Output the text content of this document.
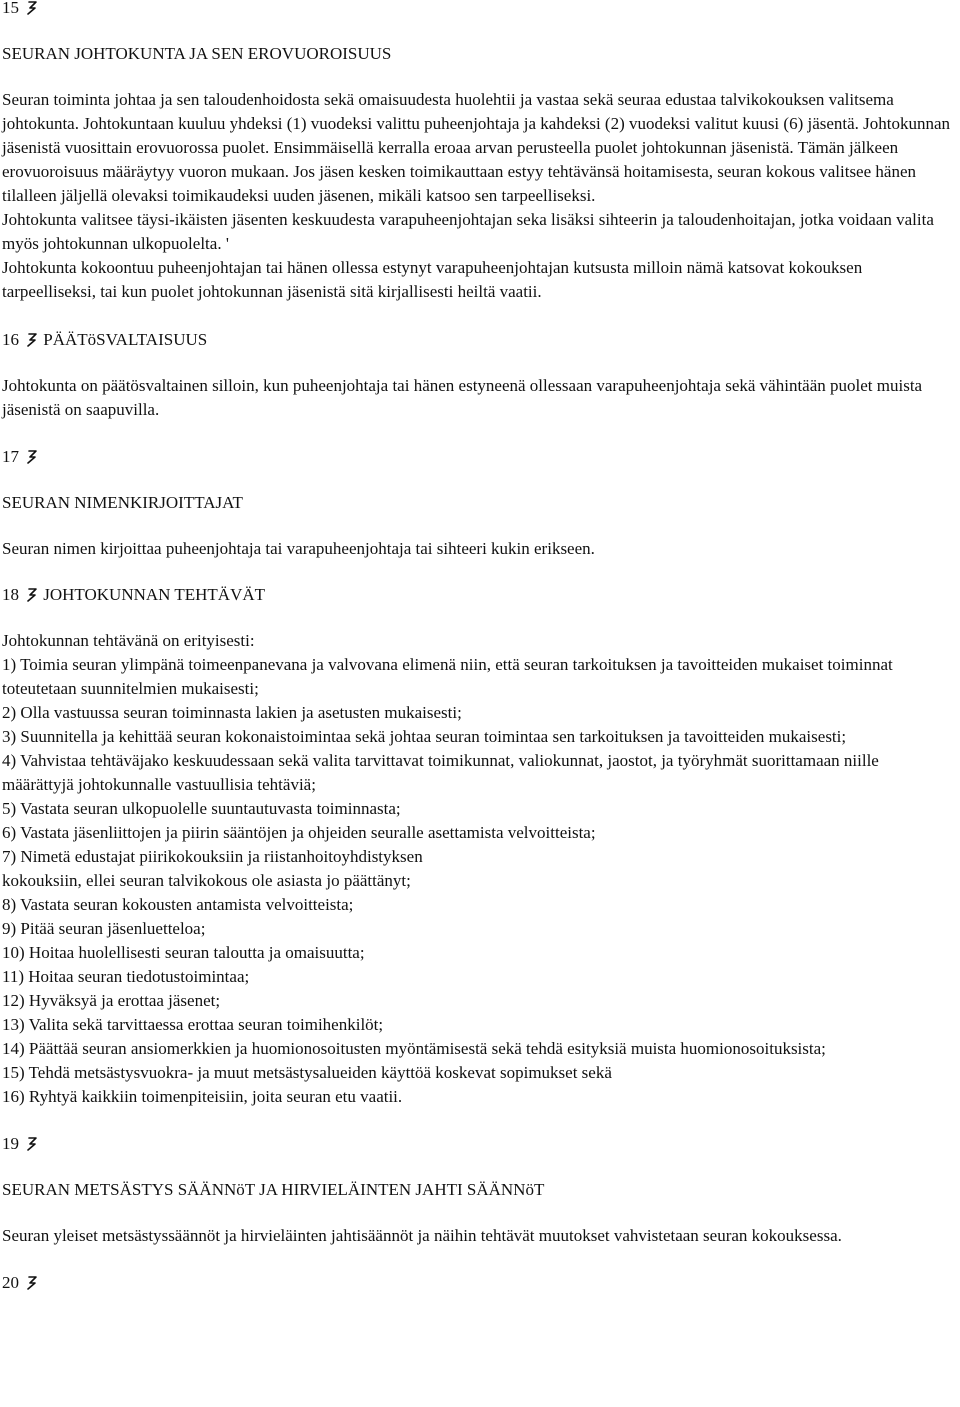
15

SEURAN JOHTOKUNTA JA SEN EROVUOROISUUS

Seuran toiminta johtaa ja sen taloudenhoidosta sekä omaisuudesta huolehtii ja vastaa sekä seuraa edustaa talvikokouksen valitsema johtokunta. Johtokuntaan kuuluu yhdeksi (1) vuodeksi valittu puheenjohtaja ja kahdeksi (2) vuodeksi valitut kuusi (6) jäsentä. Johtokunnan jäsenistä vuosittain erovuorossa puolet. Ensimmäisellä kerralla eroaa arvan perusteella puolet johtokunnan jäsenistä. Tämän jälkeen erovuoroisuus määräytyy vuoron mukaan. Jos jäsen kesken toimikauttaan estyy tehtävänsä hoitamisesta, seuran kokous valitsee hänen tilalleen jäljellä olevaksi toimikaudeksi uuden jäsenen, mikäli katsoo sen tarpeelliseksi.

Johtokunta valitsee täysi-ikäisten jäsenten keskuudesta varapuheenjohtajan seka lisäksi sihteerin ja taloudenhoitajan, jotka voidaan valita myös johtokunnan ulkopuolelta. '

Johtokunta kokoontuu puheenjohtajan tai hänen ollessa estynyt varapuheenjohtajan kutsusta milloin nämä katsovat kokouksen tarpeelliseksi, tai kun puolet johtokunnan jäsenistä sitä kirjallisesti heiltä vaatii.

16 PÄÄTöSVALTAISUUS

Johtokunta on päätösvaltainen silloin, kun puheenjohtaja tai hänen estyneenä ollessaan varapuheenjohtaja sekä vähintään puolet muista jäsenistä on saapuvilla.

17

SEURAN NIMENKIRJOITTAJAT

Seuran nimen kirjoittaa puheenjohtaja tai varapuheenjohtaja tai sihteeri kukin erikseen.

18 JOHTOKUNNAN TEHTÄVÄT

Johtokunnan tehtävänä on erityisesti:

1) Toimia seuran ylimpänä toimeenpanevana ja valvovana elimenä niin, että seuran tarkoituksen ja tavoitteiden mukaiset toiminnat toteutetaan suunnitelmien mukaisesti;

2) Olla vastuussa seuran toiminnasta lakien ja asetusten mukaisesti;

3) Suunnitella ja kehittää seuran kokonaistoimintaa sekä johtaa seuran toimintaa sen tarkoituksen ja tavoitteiden mukaisesti;

4) Vahvistaa tehtäväjako keskuudessaan sekä valita tarvittavat toimikunnat, valiokunnat, jaostot, ja työryhmät suorittamaan niille määrättyjä johtokunnalle vastuullisia tehtäviä;

5) Vastata seuran ulkopuolelle suuntautuvasta toiminnasta;

6) Vastata jäsenliittojen ja piirin sääntöjen ja ohjeiden seuralle asettamista velvoitteista;

7) Nimetä edustajat piirikokouksiin ja riistanhoitoyhdistyksen

kokouksiin, ellei seuran talvikokous ole asiasta jo päättänyt;

8) Vastata seuran kokousten antamista velvoitteista;

9) Pitää seuran jäsenluetteloa;

10) Hoitaa huolellisesti seuran taloutta ja omaisuutta;

11) Hoitaa seuran tiedotustoimintaa;

12) Hyväksyä ja erottaa jäsenet;

13) Valita sekä tarvittaessa erottaa seuran toimihenkilöt;

14) Päättää seuran ansiomerkkien ja huomionosoitusten myöntämisestä sekä tehdä esityksiä muista huomionosoituksista;

15) Tehdä metsästysvuokra- ja muut metsästysalueiden käyttöä koskevat sopimukset sekä

16) Ryhtyä kaikkiin toimenpiteisiin, joita seuran etu vaatii.

19

SEURAN METSÄSTYS SÄÄNNöT JA HIRVIELÄINTEN JAHTI SÄÄNNöT

Seuran yleiset metsästyssäännöt ja hirvieläinten jahtisäännöt ja näihin tehtävät muutokset vahvistetaan seuran kokouksessa.

20
